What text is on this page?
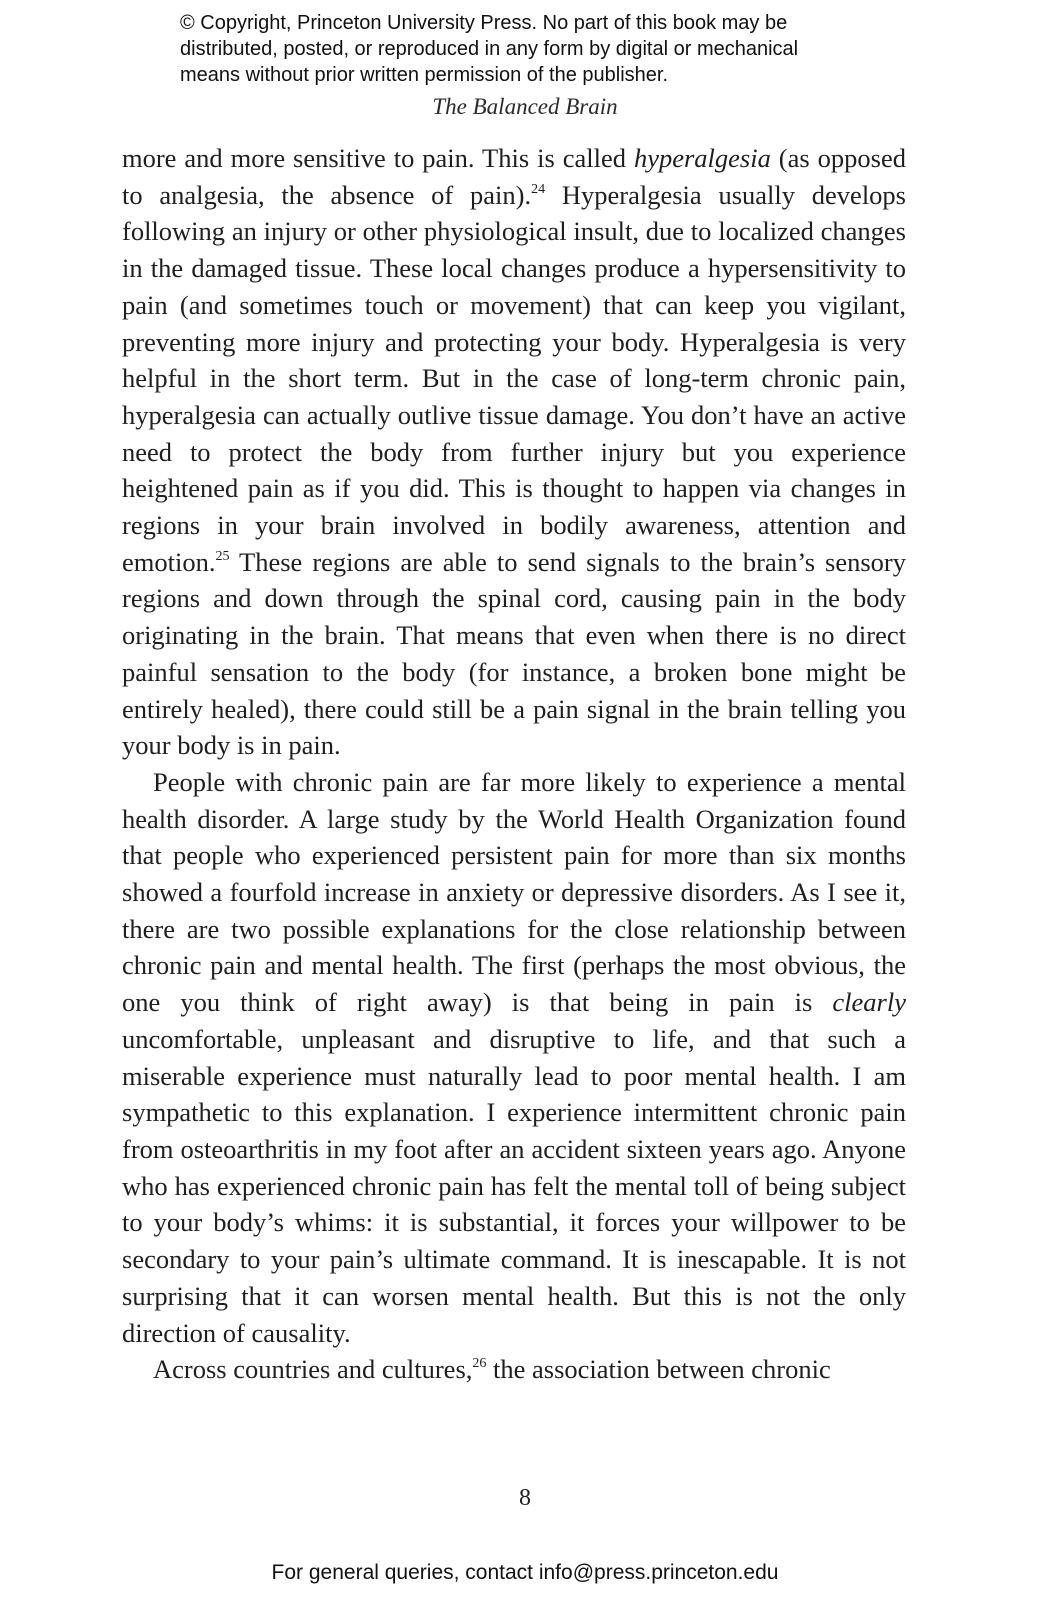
© Copyright, Princeton University Press. No part of this book may be
distributed, posted, or reproduced in any form by digital or mechanical
means without prior written permission of the publisher.
The Balanced Brain

more and more sensitive to pain. This is called hyperalgesia (as opposed to analgesia, the absence of pain).$^{24}$ Hyperalgesia usually develops following an injury or other physiological insult, due to localized changes in the damaged tissue. These local changes produce a hypersensitivity to pain (and sometimes touch or movement) that can keep you vigilant, preventing more injury and protecting your body. Hyperalgesia is very helpful in the short term. But in the case of long-term chronic pain, hyperalgesia can actually outlive tissue damage. You don’t have an active need to protect the body from further injury but you experience heightened pain as if you did. This is thought to happen via changes in regions in your brain involved in bodily awareness, attention and emotion.$^{25}$ These regions are able to send signals to the brain’s sensory regions and down through the spinal cord, causing pain in the body originating in the brain. That means that even when there is no direct painful sensation to the body (for instance, a broken bone might be entirely healed), there could still be a pain signal in the brain telling you your body is in pain.

People with chronic pain are far more likely to experience a mental health disorder. A large study by the World Health Organization found that people who experienced persistent pain for more than six months showed a fourfold increase in anxiety or depressive disorders. As I see it, there are two possible explanations for the close relationship between chronic pain and mental health. The first (perhaps the most obvious, the one you think of right away) is that being in pain is clearly uncomfortable, unpleasant and disruptive to life, and that such a miserable experience must naturally lead to poor mental health. I am sympathetic to this explanation. I experience intermittent chronic pain from osteoarthritis in my foot after an accident sixteen years ago. Anyone who has experienced chronic pain has felt the mental toll of being subject to your body’s whims: it is substantial, it forces your willpower to be secondary to your pain’s ultimate command. It is inescapable. It is not surprising that it can worsen mental health. But this is not the only direction of causality.

Across countries and cultures,$^{26}$ the association between chronic

8
For general queries, contact info@press.princeton.edu
